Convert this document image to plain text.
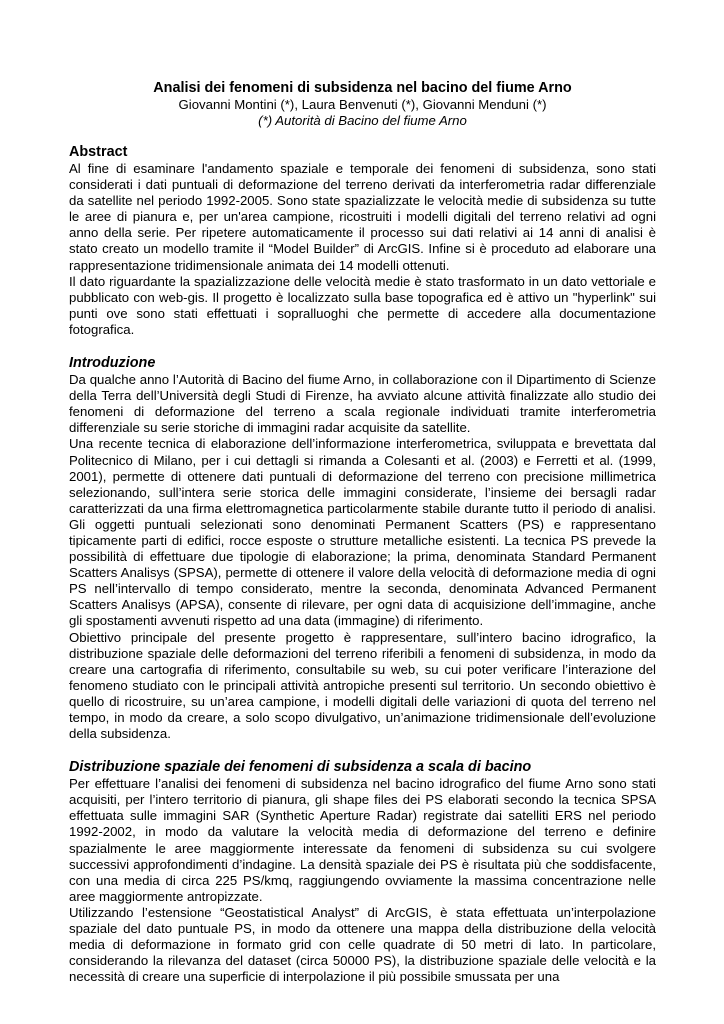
Analisi dei fenomeni di subsidenza nel bacino del fiume Arno

Giovanni Montini (*), Laura Benvenuti (*), Giovanni Menduni (*)

(*) Autorità di Bacino del fiume Arno

Abstract

Al fine di esaminare l'andamento spaziale e temporale dei fenomeni di subsidenza, sono stati considerati i dati puntuali di deformazione del terreno derivati da interferometria radar differenziale da satellite nel periodo 1992-2005. Sono state spazializzate le velocità medie di subsidenza su tutte le aree di pianura e, per un'area campione, ricostruiti i modelli digitali del terreno relativi ad ogni anno della serie. Per ripetere automaticamente il processo sui dati relativi ai 14 anni di analisi è stato creato un modello tramite il “Model Builder” di ArcGIS. Infine si è proceduto ad elaborare una rappresentazione tridimensionale animata dei 14 modelli ottenuti.

Il dato riguardante la spazializzazione delle velocità medie è stato trasformato in un dato vettoriale e pubblicato con web-gis. Il progetto è localizzato sulla base topografica ed è attivo un "hyperlink" sui punti ove sono stati effettuati i sopralluoghi che permette di accedere alla documentazione fotografica.

Introduzione

Da qualche anno l’Autorità di Bacino del fiume Arno, in collaborazione con il Dipartimento di Scienze della Terra dell’Università degli Studi di Firenze, ha avviato alcune attività finalizzate allo studio dei fenomeni di deformazione del terreno a scala regionale individuati tramite interferometria differenziale su serie storiche di immagini radar acquisite da satellite.

Una recente tecnica di elaborazione dell’informazione interferometrica, sviluppata e brevettata dal Politecnico di Milano, per i cui dettagli si rimanda a Colesanti et al. (2003) e Ferretti et al. (1999, 2001), permette di ottenere dati puntuali di deformazione del terreno con precisione millimetrica selezionando, sull’intera serie storica delle immagini considerate, l’insieme dei bersagli radar caratterizzati da una firma elettromagnetica particolarmente stabile durante tutto il periodo di analisi. Gli oggetti puntuali selezionati sono denominati Permanent Scatters (PS) e rappresentano tipicamente parti di edifici, rocce esposte o strutture metalliche esistenti. La tecnica PS prevede la possibilità di effettuare due tipologie di elaborazione; la prima, denominata Standard Permanent Scatters Analisys (SPSA), permette di ottenere il valore della velocità di deformazione media di ogni PS nell’intervallo di tempo considerato, mentre la seconda, denominata Advanced Permanent Scatters Analisys (APSA), consente di rilevare, per ogni data di acquisizione dell’immagine, anche gli spostamenti avvenuti rispetto ad una data (immagine) di riferimento.

Obiettivo principale del presente progetto è rappresentare, sull’intero bacino idrografico, la distribuzione spaziale delle deformazioni del terreno riferibili a fenomeni di subsidenza, in modo da creare una cartografia di riferimento, consultabile su web, su cui poter verificare l’interazione del fenomeno studiato con le principali attività antropiche presenti sul territorio. Un secondo obiettivo è quello di ricostruire, su un’area campione, i modelli digitali delle variazioni di quota del terreno nel tempo, in modo da creare, a solo scopo divulgativo, un’animazione tridimensionale dell’evoluzione della subsidenza.

Distribuzione spaziale dei fenomeni di subsidenza a scala di bacino

Per effettuare l’analisi dei fenomeni di subsidenza nel bacino idrografico del fiume Arno sono stati acquisiti, per l’intero territorio di pianura, gli shape files dei PS elaborati secondo la tecnica SPSA effettuata sulle immagini SAR (Synthetic Aperture Radar) registrate dai satelliti ERS nel periodo 1992-2002, in modo da valutare la velocità media di deformazione del terreno e definire spazialmente le aree maggiormente interessate da fenomeni di subsidenza su cui svolgere successivi approfondimenti d’indagine. La densità spaziale dei PS è risultata più che soddisfacente, con una media di circa 225 PS/kmq, raggiungendo ovviamente la massima concentrazione nelle aree maggiormente antropizzate.

Utilizzando l’estensione “Geostatistical Analyst” di ArcGIS, è stata effettuata un’interpolazione spaziale del dato puntuale PS, in modo da ottenere una mappa della distribuzione della velocità media di deformazione in formato grid con celle quadrate di 50 metri di lato. In particolare, considerando la rilevanza del dataset (circa 50000 PS), la distribuzione spaziale delle velocità e la necessità di creare una superficie di interpolazione il più possibile smussata per una
